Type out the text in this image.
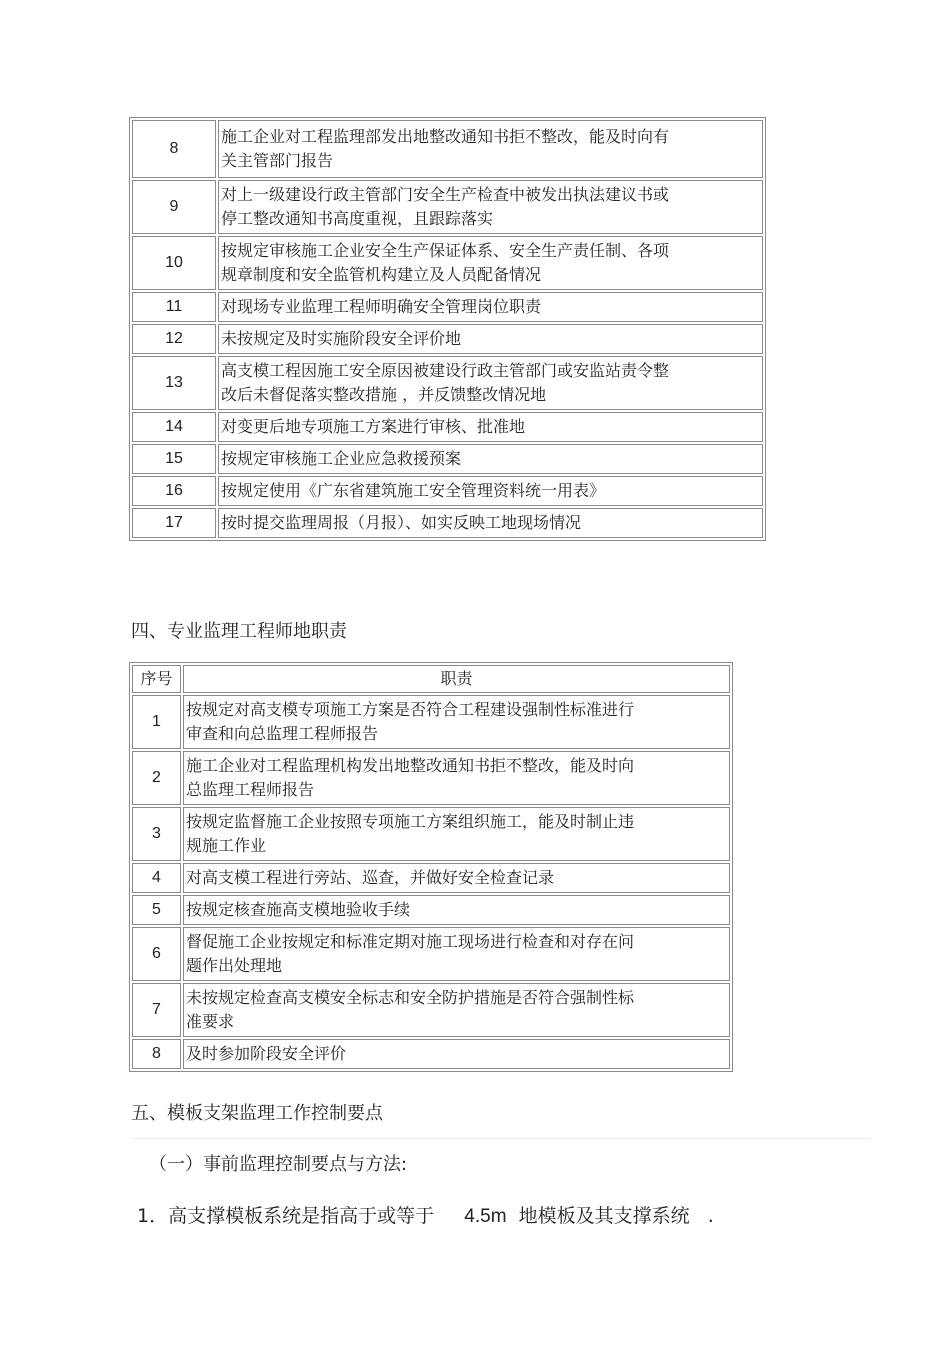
8	施工企业对工程监理部发出地整改通知书拒不整改，能及时向有
关主管部门报告
9	对上一级建设行政主管部门安全生产检查中被发出执法建议书或
停工整改通知书高度重视，且跟踪落实
10	按规定审核施工企业安全生产保证体系、安全生产责任制、各项
规章制度和安全监管机构建立及人员配备情况
11	对现场专业监理工程师明确安全管理岗位职责
12	未按规定及时实施阶段安全评价地
13	高支模工程因施工安全原因被建设行政主管部门或安监站责令整
改后未督促落实整改措施 ，并反馈整改情况地
14	对变更后地专项施工方案进行审核、批准地
15	按规定审核施工企业应急救援预案
16	按规定使用《广东省建筑施工安全管理资料统一用表》
17	按时提交监理周报（月报）、如实反映工地现场情况
四、专业监理工程师地职责
序号	职责
1	按规定对高支模专项施工方案是否符合工程建设强制性标准进行
审查和向总监理工程师报告
2	施工企业对工程监理机构发出地整改通知书拒不整改，能及时向
总监理工程师报告
3	按规定监督施工企业按照专项施工方案组织施工，能及时制止违
规施工作业
4	对高支模工程进行旁站、巡查，并做好安全检查记录
5	按规定核查施高支模地验收手续
6	督促施工企业按规定和标准定期对施工现场进行检查和对存在问
题作出处理地
7	未按规定检查高支模安全标志和安全防护措施是否符合强制性标
准要求
8	及时参加阶段安全评价
五、模板支架监理工作控制要点
（一）事前监理控制要点与方法:
1．高支撑模板系统是指高于或等于 4.5m 地模板及其支撑系统 .
